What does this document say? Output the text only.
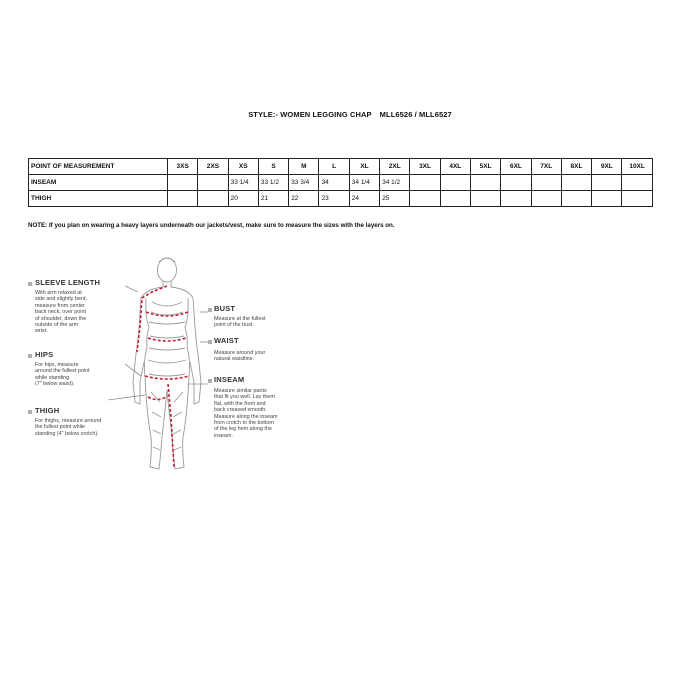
STYLE:- WOMEN LEGGING CHAP MLL6526 / MLL6527
POINT OF MEASUREMENT	3XS	2XS	XS	S	M	L	XL	2XL	3XL	4XL	5XL	6XL	7XL	8XL	9XL	10XL
INSEAM			33 1/4	33 1/2	33 3/4	34	34 1/4	34 1/2								
THIGH			20	21	22	23	24	25								
NOTE: If you plan on wearing a heavy layers underneath our jackets/vest, make sure to measure the sizes with the layers on.
SLEEVE LENGTH
With arm relaxed at
side and slightly bent,
measure from center
back neck, over point
of shoulder, down the
outside of the arm
wrist.
HIPS
For hips, measure
around the fullest point
while standing
(7" below waist).
THIGH
For thighs, measure around
the fullest point while
standing (4" below crotch).
BUST
Measure at the fullest
point of the bust.
WAIST
Measure around your
natural waistline.
INSEAM
Measure similar pants
that fit you well. Lay them
flat, with the front and
back creased smooth.
Measure along the inseam
from crotch to the bottom
of the leg hem along the
inseam.
